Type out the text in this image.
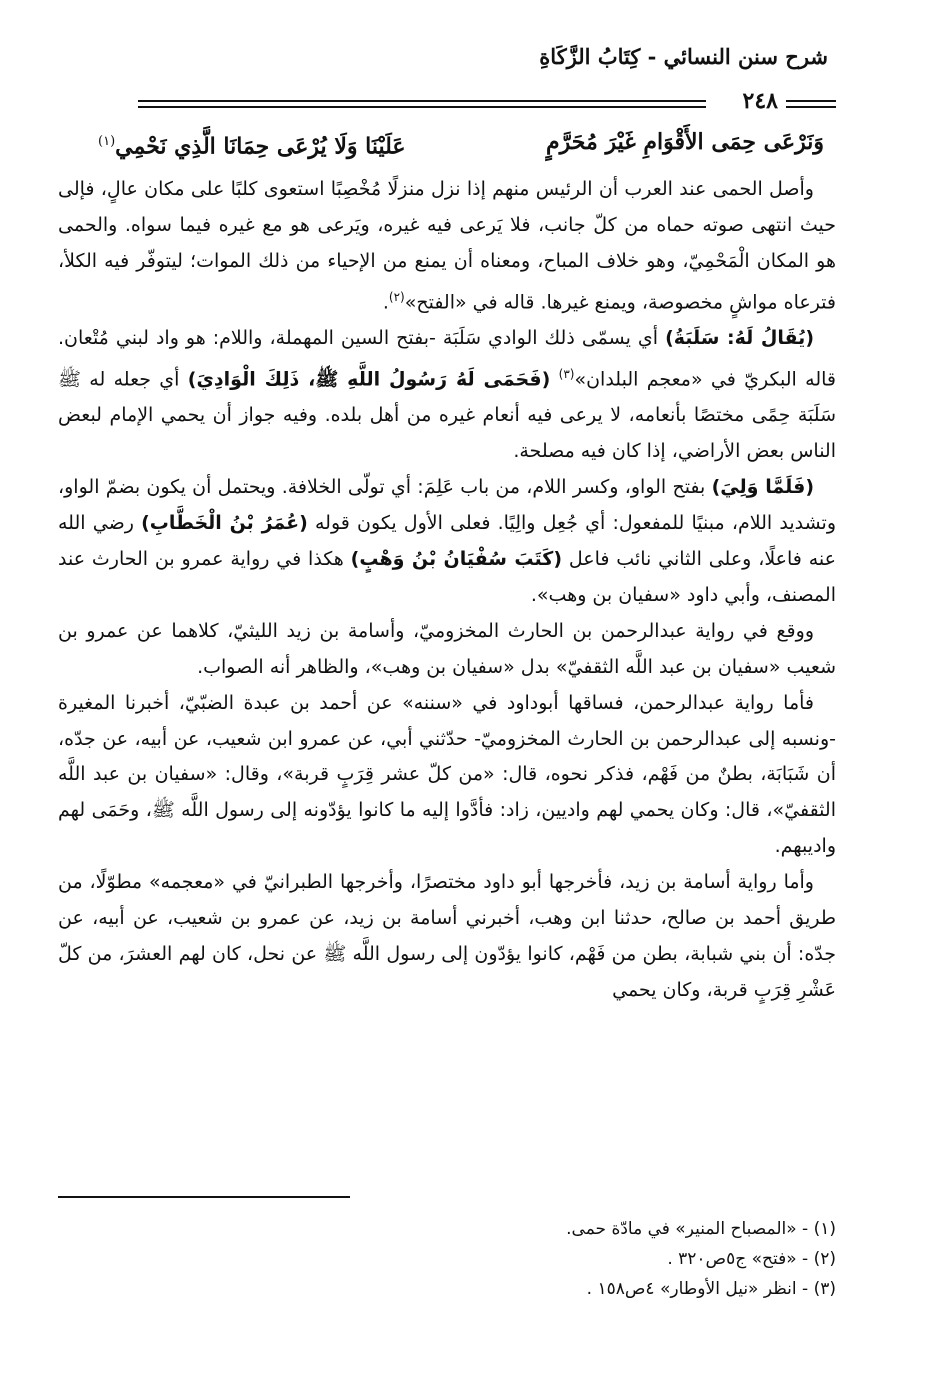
شرح سنن النسائي - كِتَابُ الزَّكَاةِ
٢٤٨
وَنَرْعَى حِمَى الأَقْوَامِ غَيْرَ مُحَرَّمٍ
عَلَيْنَا وَلَا يُرْعَى حِمَانَا الَّذِي نَحْمِي$^{(١)}$

وأصل الحمى عند العرب أن الرئيس منهم إذا نزل منزلًا مُخْصِبًا استعوى كلبًا على مكان عالٍ، فإلى حيث انتهى صوته حماه من كلّ جانب، فلا يَرعى فيه غيره، ويَرعى هو مع غيره فيما سواه. والحمى هو المكان الْمَحْمِيّ، وهو خلاف المباح، ومعناه أن يمنع من الإحياء من ذلك الموات؛ ليتوفّر فيه الكلأ، فترعاه مواشٍ مخصوصة، ويمنع غيرها. قاله في «الفتح»$^{(٢)}$.

(يُقَالُ لَهُ: سَلَبَةُ) أي يسمّى ذلك الوادي سَلَبَة -بفتح السين المهملة، واللام: هو واد لبني مُتْعان. قاله البكريّ في «معجم البلدان»$^{(٣)}$ (فَحَمَى لَهُ رَسُولُ اللَّهِ ﷺ، ذَلِكَ الْوَادِيَ) أي جعله له ﷺ سَلَبَة حِمًى مختصًا بأنعامه، لا يرعى فيه أنعام غيره من أهل بلده. وفيه جواز أن يحمي الإمام لبعض الناس بعض الأراضي، إذا كان فيه مصلحة.

(فَلَمَّا وَلِيَ) بفتح الواو، وكسر اللام، من باب عَلِمَ: أي تولّى الخلافة. ويحتمل أن يكون بضمّ الواو، وتشديد اللام، مبنيًا للمفعول: أي جُعِل والِيًا. فعلى الأول يكون قوله (عُمَرُ بْنُ الْخَطَّابِ) رضي الله عنه فاعلًا، وعلى الثاني نائب فاعل (كَتَبَ سُفْيَانُ بْنُ وَهْبٍ) هكذا في رواية عمرو بن الحارث عند المصنف، وأبي داود «سفيان بن وهب».

ووقع في رواية عبدالرحمن بن الحارث المخزوميّ، وأسامة بن زيد الليثيّ، كلاهما عن عمرو بن شعيب «سفيان بن عبد اللَّه الثقفيّ» بدل «سفيان بن وهب»، والظاهر أنه الصواب.

فأما رواية عبدالرحمن، فساقها أبوداود في «سننه» عن أحمد بن عبدة الضبّيّ، أخبرنا المغيرة -ونسبه إلى عبدالرحمن بن الحارث المخزوميّ- حدّثني أبي، عن عمرو ابن شعيب، عن أبيه، عن جدّه، أن شَبَابَة، بطنٌ من فَهْم، فذكر نحوه، قال: «من كلّ عشر قِرَبٍ قربة»، وقال: «سفيان بن عبد اللَّه الثقفيّ»، قال: وكان يحمي لهم واديين، زاد: فأدَّوا إليه ما كانوا يؤدّونه إلى رسول اللَّه ﷺ، وحَمَى لهم واديبهم.

وأما رواية أسامة بن زيد، فأخرجها أبو داود مختصرًا، وأخرجها الطبرانيّ في «معجمه» مطوّلًا، من طريق أحمد بن صالح، حدثنا ابن وهب، أخبرني أسامة بن زيد، عن عمرو بن شعيب، عن أبيه، عن جدّه: أن بني شبابة، بطن من فَهْم، كانوا يؤدّون إلى رسول اللَّه ﷺ عن نحل، كان لهم العشرَ، من كلّ عَشْرِ قِرَبٍ قربة، وكان يحمي

(١) - «المصباح المنير» في مادّة حمى.
(٢) - «فتح» ج٥ص٣٢٠ .
(٣) - انظر «نيل الأوطار» ٤ص١٥٨ .
